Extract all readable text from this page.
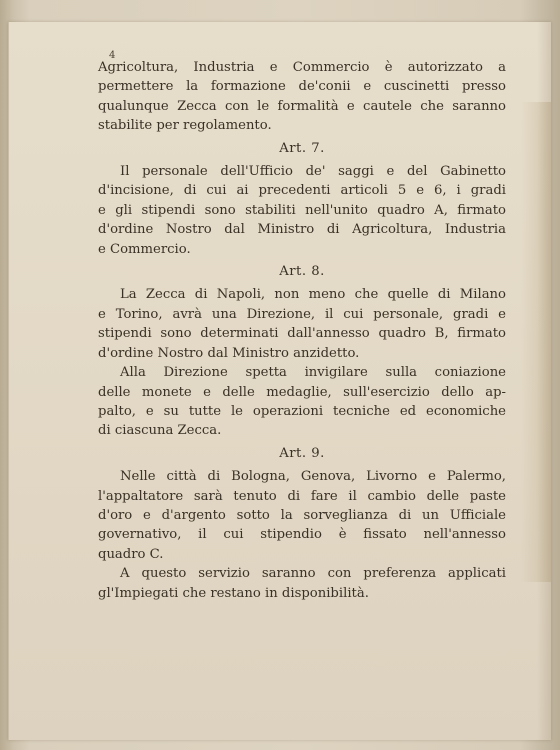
4
Agricoltura, Industria e Commercio è autorizzato a
permettere la formazione de'conii e cuscinetti presso
qualunque Zecca con le formalità e cautele che saranno
stabilite per regolamento.
Art. 7.
Il personale dell'Ufficio de' saggi e del Gabinetto
d'incisione, di cui ai precedenti articoli 5 e 6, i gradi
e gli stipendi sono stabiliti nell'unito quadro A, firmato
d'ordine Nostro dal Ministro di Agricoltura, Industria
e Commercio.
Art. 8.
La Zecca di Napoli, non meno che quelle di Milano
e Torino, avrà una Direzione, il cui personale, gradi e
stipendi sono determinati dall'annesso quadro B, firmato
d'ordine Nostro dal Ministro anzidetto.
Alla Direzione spetta invigilare sulla coniazione
delle monete e delle medaglie, sull'esercizio dello ap-
palto, e su tutte le operazioni tecniche ed economiche
di ciascuna Zecca.
Art. 9.
Nelle città di Bologna, Genova, Livorno e Palermo,
l'appaltatore sarà tenuto di fare il cambio delle paste
d'oro e d'argento sotto la sorveglianza di un Ufficiale
governativo, il cui stipendio è fissato nell'annesso
quadro C.
A questo servizio saranno con preferenza applicati
gl'Impiegati che restano in disponibilità.
